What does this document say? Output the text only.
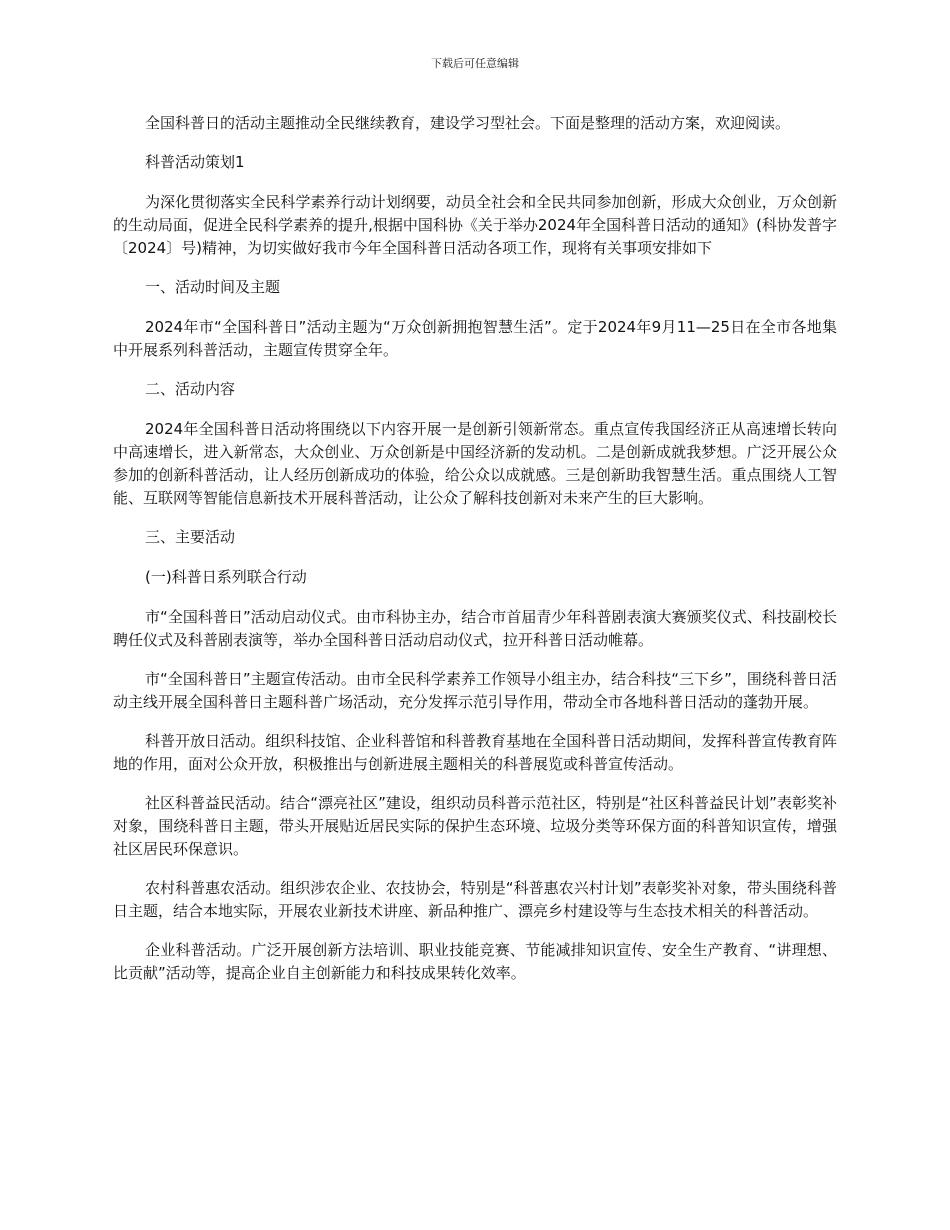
下载后可任意编辑

全国科普日的活动主题推动全民继续教育，建设学习型社会。下面是整理的活动方案，欢迎阅读。

科普活动策划1

为深化贯彻落实全民科学素养行动计划纲要，动员全社会和全民共同参加创新，形成大众创业，万众创新的生动局面，促进全民科学素养的提升,根据中国科协《关于举办2024年全国科普日活动的通知》(科协发普字〔2024〕号)精神，为切实做好我市今年全国科普日活动各项工作，现将有关事项安排如下

一、活动时间及主题

2024年市“全国科普日”活动主题为“万众创新拥抱智慧生活”。定于2024年9月11—25日在全市各地集中开展系列科普活动，主题宣传贯穿全年。

二、活动内容

2024年全国科普日活动将围绕以下内容开展一是创新引领新常态。重点宣传我国经济正从高速增长转向中高速增长，进入新常态，大众创业、万众创新是中国经济新的发动机。二是创新成就我梦想。广泛开展公众参加的创新科普活动，让人经历创新成功的体验，给公众以成就感。三是创新助我智慧生活。重点围绕人工智能、互联网等智能信息新技术开展科普活动，让公众了解科技创新对未来产生的巨大影响。

三、主要活动

(一)科普日系列联合行动

市“全国科普日”活动启动仪式。由市科协主办，结合市首届青少年科普剧表演大赛颁奖仪式、科技副校长聘任仪式及科普剧表演等，举办全国科普日活动启动仪式，拉开科普日活动帷幕。

市“全国科普日”主题宣传活动。由市全民科学素养工作领导小组主办，结合科技“三下乡”，围绕科普日活动主线开展全国科普日主题科普广场活动，充分发挥示范引导作用，带动全市各地科普日活动的蓬勃开展。

科普开放日活动。组织科技馆、企业科普馆和科普教育基地在全国科普日活动期间，发挥科普宣传教育阵地的作用，面对公众开放，积极推出与创新进展主题相关的科普展览或科普宣传活动。

社区科普益民活动。结合“漂亮社区”建设，组织动员科普示范社区，特别是“社区科普益民计划”表彰奖补对象，围绕科普日主题，带头开展贴近居民实际的保护生态环境、垃圾分类等环保方面的科普知识宣传，增强社区居民环保意识。

农村科普惠农活动。组织涉农企业、农技协会，特别是“科普惠农兴村计划”表彰奖补对象，带头围绕科普日主题，结合本地实际，开展农业新技术讲座、新品种推广、漂亮乡村建设等与生态技术相关的科普活动。

企业科普活动。广泛开展创新方法培训、职业技能竞赛、节能减排知识宣传、安全生产教育、“讲理想、比贡献”活动等，提高企业自主创新能力和科技成果转化效率。
